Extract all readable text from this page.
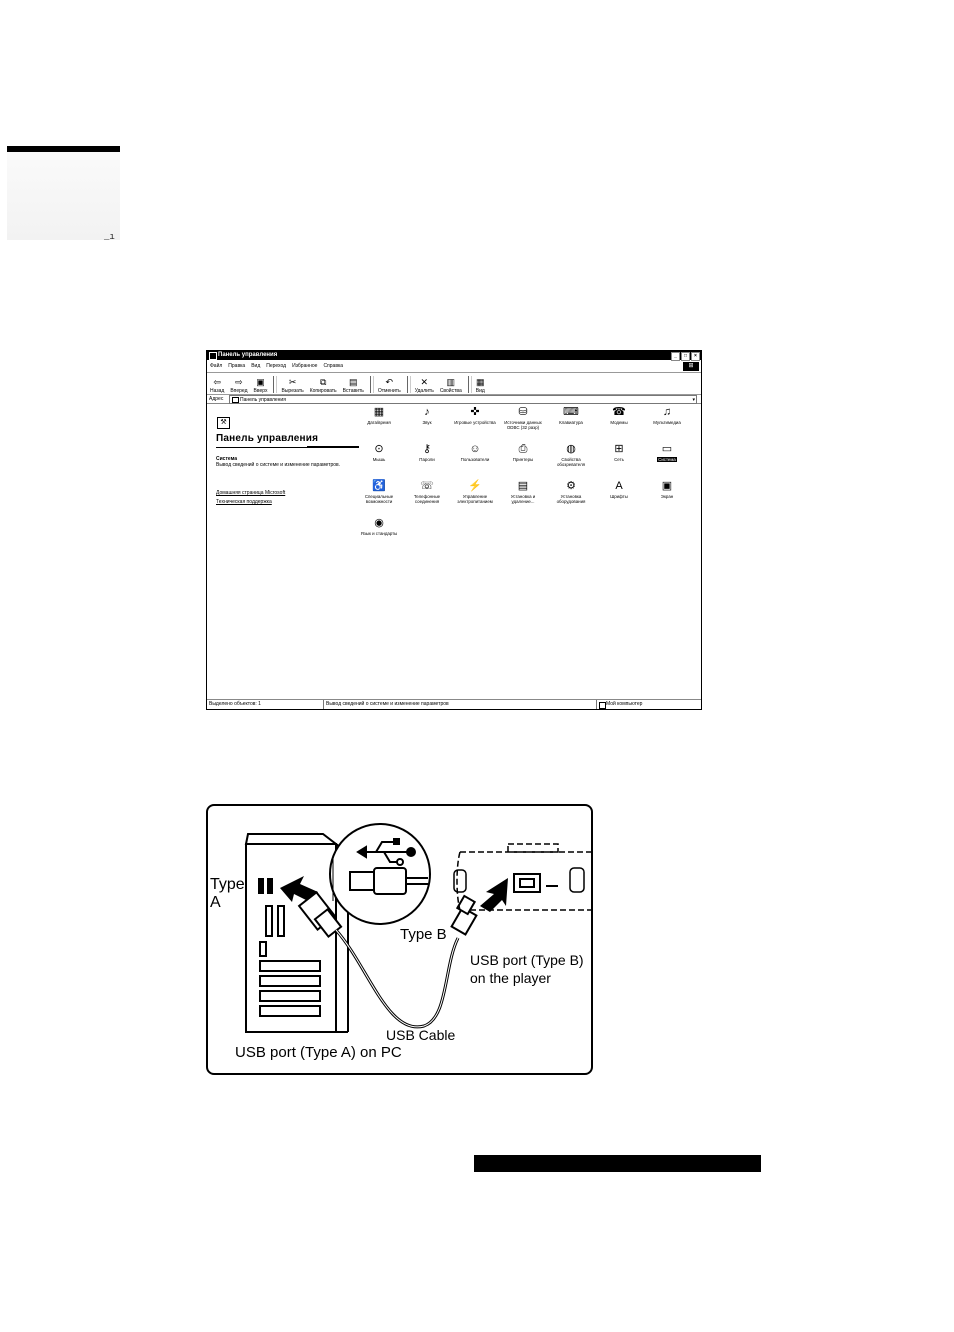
_ı
Панель управления	_	□	×
Файл Правка Вид Переход Избранное Справка	⊞
⇦
Назад
⇨
Вперед
▣
Вверх
✂
Вырезать
⧉
Копировать
▤
Вставить
↶
Отменить
✕
Удалить
▥
Свойства
▦
Вид
Адрес	Панель управления	▾
⚒
Панель управления
Система
Вывод сведений о системе и изменение параметров.
Домашняя страница Microsoft
Техническая поддержка
▦
Дата/время
♪
Звук
✜
Игровые устройства
⛁
Источники данных ODBC (32 разр)
⌨
Клавиатура
☎
Модемы
♫
Мультимедиа
⊙
Мышь
⚷
Пароли
☺
Пользователи
⎙
Принтеры
◍
Свойства обозревателя
⊞
Сеть
▭
Система
♿
Специальные возможности
☏
Телефонные соединения
⚡
Управление электропитанием
▤
Установка и удаление...
⚙
Установка оборудования
A
Шрифты
▣
Экран
◉
Язык и стандарты
Выделено объектов: 1	Вывод сведений о системе и изменение параметров	Мой компьютер
Type
A
Type B
USB port (Type B)
on the player
USB Cable
USB port (Type A) on PC
